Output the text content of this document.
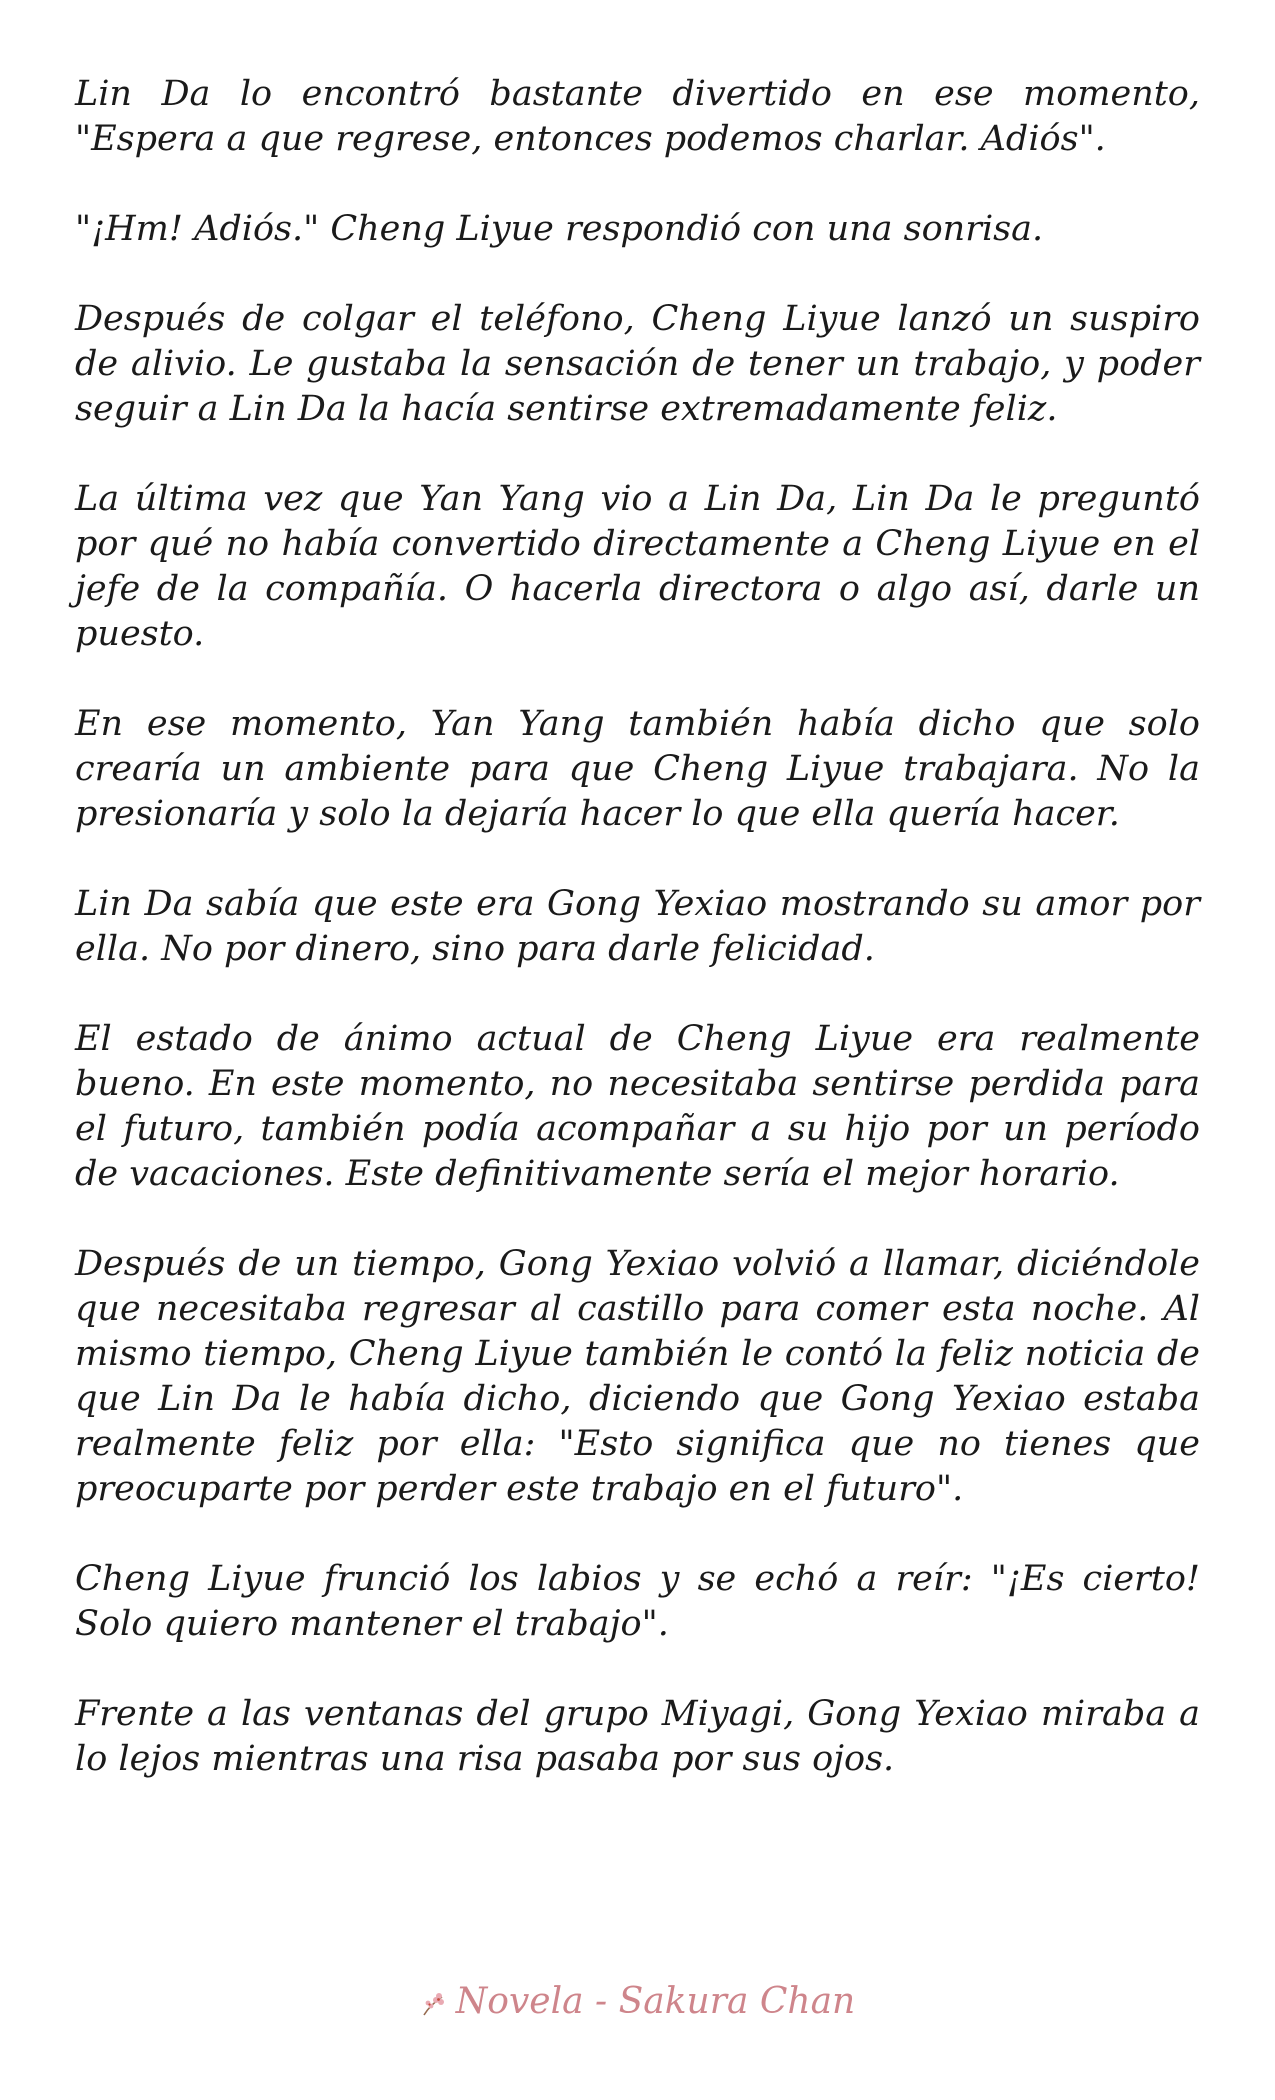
Lin Da lo encontró bastante divertido en ese momento, "Espera a que regrese, entonces podemos charlar. Adiós".

"¡Hm! Adiós." Cheng Liyue respondió con una sonrisa.

Después de colgar el teléfono, Cheng Liyue lanzó un suspiro de alivio. Le gustaba la sensación de tener un trabajo, y poder seguir a Lin Da la hacía sentirse extremadamente feliz.

La última vez que Yan Yang vio a Lin Da, Lin Da le preguntó por qué no había convertido directamente a Cheng Liyue en el jefe de la compañía. O hacerla directora o algo así, darle un puesto.

En ese momento, Yan Yang también había dicho que solo crearía un ambiente para que Cheng Liyue trabajara. No la presionaría y solo la dejaría hacer lo que ella quería hacer.

Lin Da sabía que este era Gong Yexiao mostrando su amor por ella. No por dinero, sino para darle felicidad.

El estado de ánimo actual de Cheng Liyue era realmente bueno. En este momento, no necesitaba sentirse perdida para el futuro, también podía acompañar a su hijo por un período de vacaciones. Este definitivamente sería el mejor horario.

Después de un tiempo, Gong Yexiao volvió a llamar, diciéndole que necesitaba regresar al castillo para comer esta noche. Al mismo tiempo, Cheng Liyue también le contó la feliz noticia de que Lin Da le había dicho, diciendo que Gong Yexiao estaba realmente feliz por ella: "Esto significa que no tienes que preocuparte por perder este trabajo en el futuro".

Cheng Liyue frunció los labios y se echó a reír: "¡Es cierto! Solo quiero mantener el trabajo".

Frente a las ventanas del grupo Miyagi, Gong Yexiao miraba a lo lejos mientras una risa pasaba por sus ojos.

Novela - Sakura Chan
